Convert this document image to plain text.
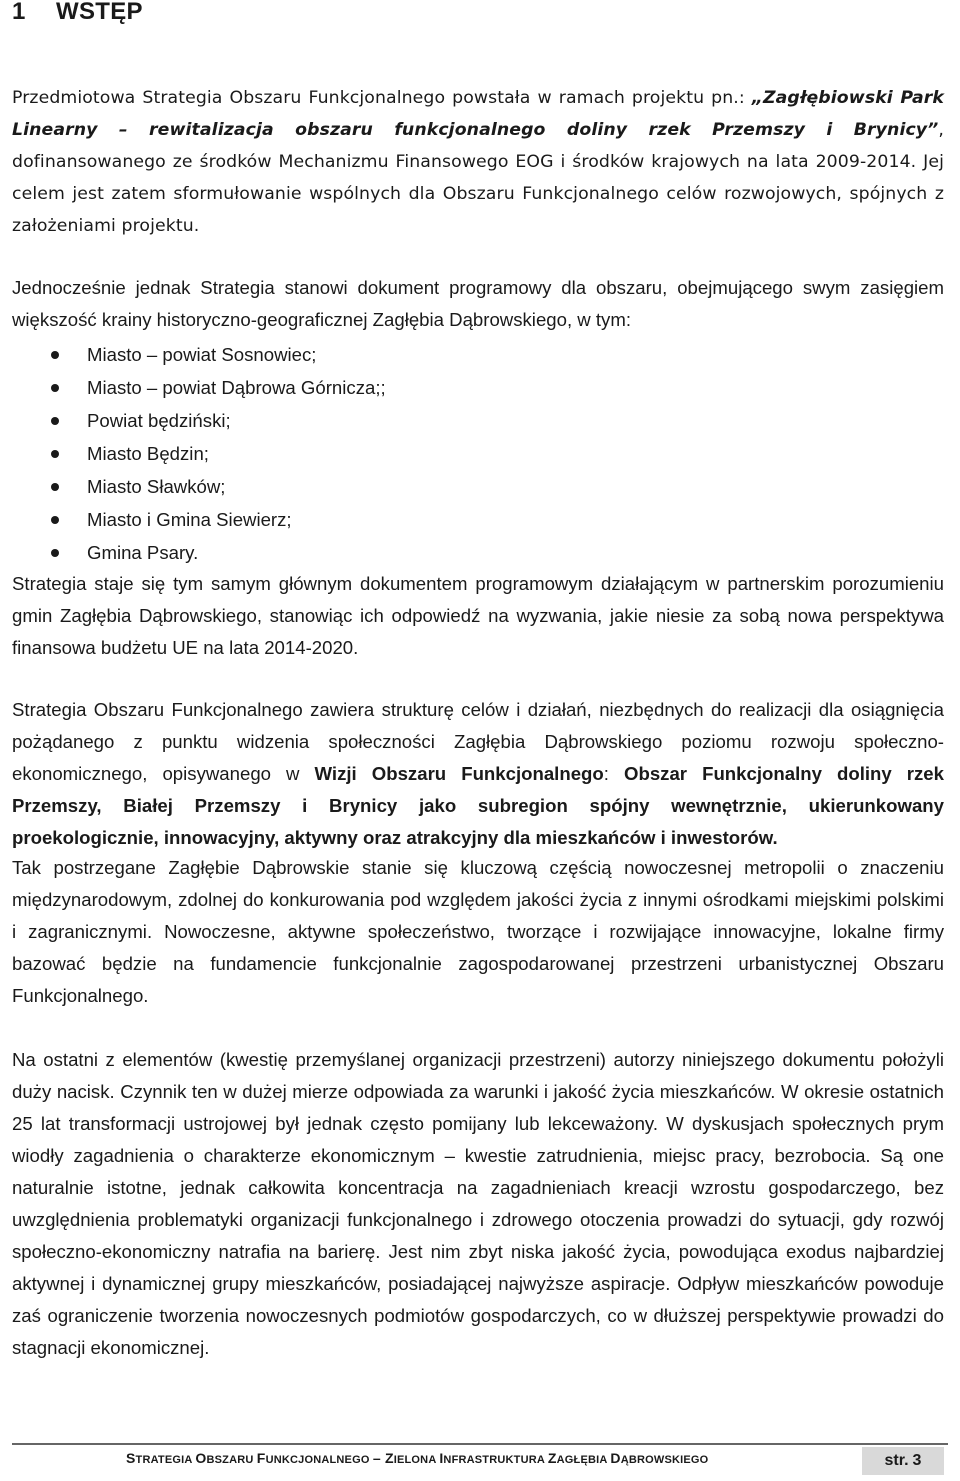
1 WSTĘP
Przedmiotowa Strategia Obszaru Funkcjonalnego powstała w ramach projektu pn.: „Zagłębiowski Park Linearny – rewitalizacja obszaru funkcjonalnego doliny rzek Przemszy i Brynicy”, dofinansowanego ze środków Mechanizmu Finansowego EOG i środków krajowych na lata 2009-2014. Jej celem jest zatem sformułowanie wspólnych dla Obszaru Funkcjonalnego celów rozwojowych, spójnych z założeniami projektu.
Jednocześnie jednak Strategia stanowi dokument programowy dla obszaru, obejmującego swym zasięgiem większość krainy historyczno-geograficznej Zagłębia Dąbrowskiego, w tym:
Miasto – powiat Sosnowiec;
Miasto – powiat Dąbrowa Górnicza;;
Powiat będziński;
Miasto Będzin;
Miasto Sławków;
Miasto i Gmina Siewierz;
Gmina Psary.
Strategia staje się tym samym głównym dokumentem programowym działającym w partnerskim porozumieniu gmin Zagłębia Dąbrowskiego, stanowiąc ich odpowiedź na wyzwania, jakie niesie za sobą nowa perspektywa finansowa budżetu UE na lata 2014-2020.
Strategia Obszaru Funkcjonalnego zawiera strukturę celów i działań, niezbędnych do realizacji dla osiągnięcia pożądanego z punktu widzenia społeczności Zagłębia Dąbrowskiego poziomu rozwoju społeczno-ekonomicznego, opisywanego w Wizji Obszaru Funkcjonalnego: Obszar Funkcjonalny doliny rzek Przemszy, Białej Przemszy i Brynicy jako subregion spójny wewnętrznie, ukierunkowany proekologicznie, innowacyjny, aktywny oraz atrakcyjny dla mieszkańców i inwestorów.
Tak postrzegane Zagłębie Dąbrowskie stanie się kluczową częścią nowoczesnej metropolii o znaczeniu międzynarodowym, zdolnej do konkurowania pod względem jakości życia z innymi ośrodkami miejskimi polskimi i zagranicznymi. Nowoczesne, aktywne społeczeństwo, tworzące i rozwijające innowacyjne, lokalne firmy bazować będzie na fundamencie funkcjonalnie zagospodarowanej przestrzeni urbanistycznej Obszaru Funkcjonalnego.
Na ostatni z elementów (kwestię przemyślanej organizacji przestrzeni) autorzy niniejszego dokumentu położyli duży nacisk. Czynnik ten w dużej mierze odpowiada za warunki i jakość życia mieszkańców. W okresie ostatnich 25 lat transformacji ustrojowej był jednak często pomijany lub lekceważony. W dyskusjach społecznych prym wiodły zagadnienia o charakterze ekonomicznym – kwestie zatrudnienia, miejsc pracy, bezrobocia. Są one naturalnie istotne, jednak całkowita koncentracja na zagadnieniach kreacji wzrostu gospodarczego, bez uwzględnienia problematyki organizacji funkcjonalnego i zdrowego otoczenia prowadzi do sytuacji, gdy rozwój społeczno-ekonomiczny natrafia na barierę. Jest nim zbyt niska jakość życia, powodująca exodus najbardziej aktywnej i dynamicznej grupy mieszkańców, posiadającej najwyższe aspiracje. Odpływ mieszkańców powoduje zaś ograniczenie tworzenia nowoczesnych podmiotów gospodarczych, co w dłuższej perspektywie prowadzi do stagnacji ekonomicznej.
STRATEGIA OBSZARU FUNKCJONALNEGO – ZIELONA INFRASTRUKTURA ZAGŁĘBIA DĄBROWSKIEGO	str. 3
